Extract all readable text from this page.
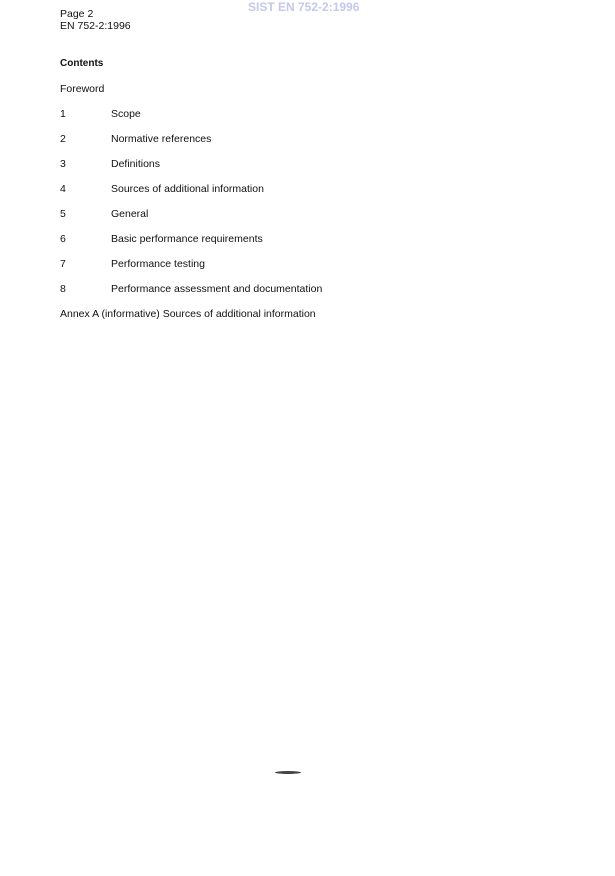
SIST EN 752-2:1996
Page 2
EN 752-2:1996
Contents
Foreword
1	Scope
2	Normative references
3	Definitions
4	Sources of additional information
5	General
6	Basic performance requirements
7	Performance testing
8	Performance assessment and documentation
Annex A (informative) Sources of additional information
